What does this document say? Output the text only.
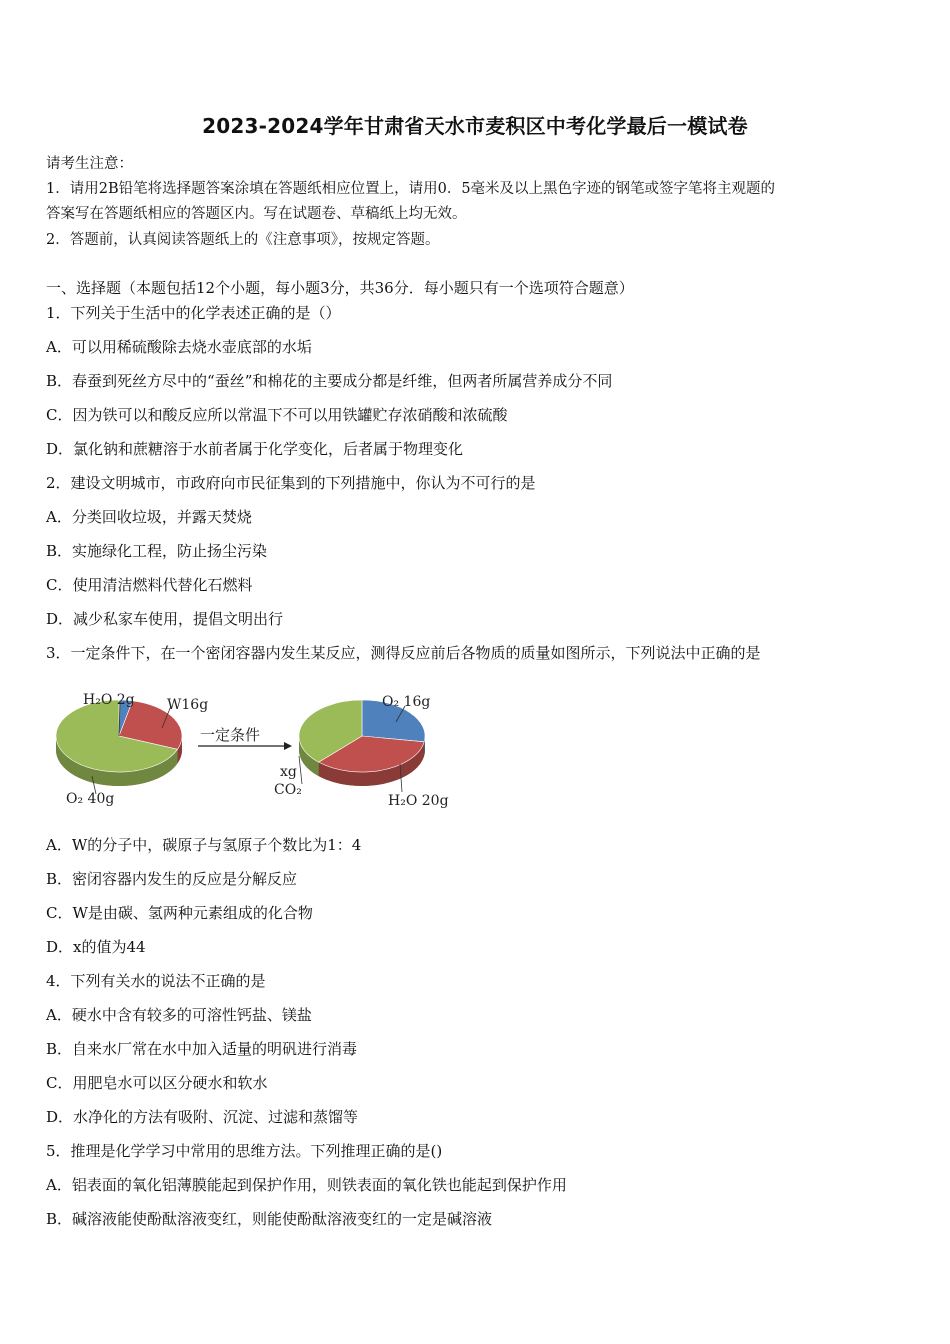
2023-2024学年甘肃省天水市麦积区中考化学最后一模试卷
请考生注意：
1．请用2B铅笔将选择题答案涂填在答题纸相应位置上，请用0．5毫米及以上黑色字迹的钢笔或签字笔将主观题的
答案写在答题纸相应的答题区内。写在试题卷、草稿纸上均无效。
2．答题前，认真阅读答题纸上的《注意事项》，按规定答题。
一、选择题（本题包括12个小题，每小题3分，共36分．每小题只有一个选项符合题意）
1．下列关于生活中的化学表述正确的是（）
A．可以用稀硫酸除去烧水壶底部的水垢
B．春蚕到死丝方尽中的“蚕丝”和棉花的主要成分都是纤维，但两者所属营养成分不同
C．因为铁可以和酸反应所以常温下不可以用铁罐贮存浓硝酸和浓硫酸
D．氯化钠和蔗糖溶于水前者属于化学变化，后者属于物理变化
2．建设文明城市，市政府向市民征集到的下列措施中，你认为不可行的是
A．分类回收垃圾，并露天焚烧
B．实施绿化工程，防止扬尘污染
C．使用清洁燃料代替化石燃料
D．减少私家车使用，提倡文明出行
3．一定条件下，在一个密闭容器内发生某反应，测得反应前后各物质的质量如图所示，下列说法中正确的是
一定条件
H₂O 2g W16g
O₂ 40g
O₂ 16g
H₂O 20g
xg
CO₂
A．W的分子中，碳原子与氢原子个数比为1：4
B．密闭容器内发生的反应是分解反应
C．W是由碳、氢两种元素组成的化合物
D．x的值为44
4．下列有关水的说法不正确的是
A．硬水中含有较多的可溶性钙盐、镁盐
B．自来水厂常在水中加入适量的明矾进行消毒
C．用肥皂水可以区分硬水和软水
D．水净化的方法有吸附、沉淀、过滤和蒸馏等
5．推理是化学学习中常用的思维方法。下列推理正确的是()
A．铝表面的氧化铝薄膜能起到保护作用，则铁表面的氧化铁也能起到保护作用
B．碱溶液能使酚酞溶液变红，则能使酚酞溶液变红的一定是碱溶液
